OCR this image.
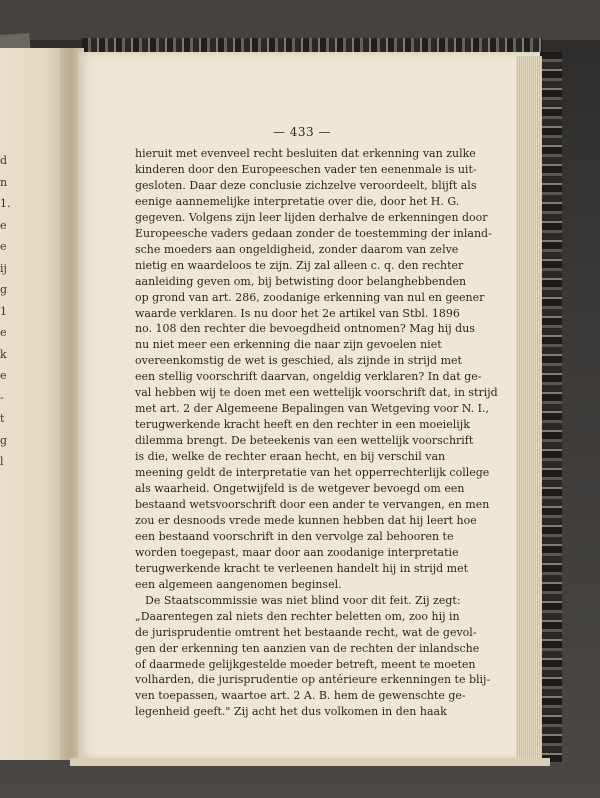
d
n
1.
e
e
ij
g
1
e
k
e
-
t
g
l
— 433 —
hieruit met evenveel recht besluiten dat erkenning van zulke
kinderen door den Europeeschen vader ten eenenmale is uit-
gesloten. Daar deze conclusie zichzelve veroordeelt, blijft als
eenige aannemelijke interpretatie over die, door het H. G.
gegeven. Volgens zijn leer lijden derhalve de erkenningen door
Europeesche vaders gedaan zonder de toestemming der inland-
sche moeders aan ongeldigheid, zonder daarom van zelve
nietig en waardeloos te zijn. Zij zal alleen c. q. den rechter
aanleiding geven om, bij betwisting door belanghebbenden
op grond van art. 286, zoodanige erkenning van nul en geener
waarde verklaren. Is nu door het 2e artikel van Stbl. 1896
no. 108 den rechter die bevoegdheid ontnomen? Mag hij dus
nu niet meer een erkenning die naar zijn gevoelen niet
overeenkomstig de wet is geschied, als zijnde in strijd met
een stellig voorschrift daarvan, ongeldig verklaren? In dat ge-
val hebben wij te doen met een wettelijk voorschrift dat, in strijd
met art. 2 der Algemeene Bepalingen van Wetgeving voor N. I.,
terugwerkende kracht heeft en den rechter in een moeielijk
dilemma brengt. De beteekenis van een wettelijk voorschrift
is die, welke de rechter eraan hecht, en bij verschil van
meening geldt de interpretatie van het opperrechterlijk college
als waarheid. Ongetwijfeld is de wetgever bevoegd om een
bestaand wetsvoorschrift door een ander te vervangen, en men
zou er desnoods vrede mede kunnen hebben dat hij leert hoe
een bestaand voorschrift in den vervolge zal behooren te
worden toegepast, maar door aan zoodanige interpretatie
terugwerkende kracht te verleenen handelt hij in strijd met
een algemeen aangenomen beginsel.
De Staatscommissie was niet blind voor dit feit. Zij zegt:
„Daarentegen zal niets den rechter beletten om, zoo hij in
de jurisprudentie omtrent het bestaande recht, wat de gevol-
gen der erkenning ten aanzien van de rechten der inlandsche
of daarmede gelijkgestelde moeder betreft, meent te moeten
volharden, die jurisprudentie op antérieure erkenningen te blij-
ven toepassen, waartoe art. 2 A. B. hem de gewenschte ge-
legenheid geeft." Zij acht het dus volkomen in den haak
